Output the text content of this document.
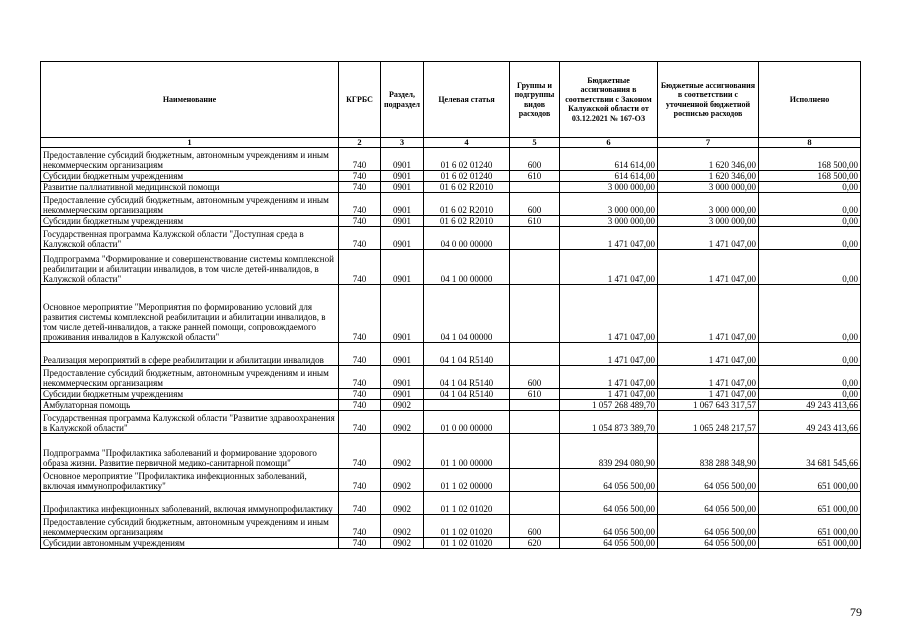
Наименование	КГРБС	Раздел, подраздел	Целевая статья	Группы и подгруппы видов расходов	Бюджетные ассигнования в соответствии с Законом Калужской области от 03.12.2021 № 167-ОЗ	Бюджетные ассигнования в соответствии с уточненной бюджетной росписью расходов	Исполнено
1	2	3	4	5	6	7	8
Предоставление субсидий бюджетным, автономным учреждениям и иным некоммерческим организациям	740	0901	01 6 02 01240	600	614 614,00	1 620 346,00	168 500,00
Субсидии бюджетным учреждениям	740	0901	01 6 02 01240	610	614 614,00	1 620 346,00	168 500,00
Развитие паллиативной медицинской помощи	740	0901	01 6 02 R2010		3 000 000,00	3 000 000,00	0,00
Предоставление субсидий бюджетным, автономным учреждениям и иным некоммерческим организациям	740	0901	01 6 02 R2010	600	3 000 000,00	3 000 000,00	0,00
Субсидии бюджетным учреждениям	740	0901	01 6 02 R2010	610	3 000 000,00	3 000 000,00	0,00
Государственная программа Калужской области "Доступная среда в Калужской области"	740	0901	04 0 00 00000		1 471 047,00	1 471 047,00	0,00
Подпрограмма "Формирование и совершенствование системы комплексной реабилитации и абилитации инвалидов, в том числе детей-инвалидов, в Калужской области"	740	0901	04 1 00 00000		1 471 047,00	1 471 047,00	0,00
Основное мероприятие "Мероприятия по формированию условий для развития системы комплексной реабилитации и абилитации инвалидов, в том числе детей-инвалидов, а также ранней помощи, сопровождаемого проживания инвалидов в Калужской области"	740	0901	04 1 04 00000		1 471 047,00	1 471 047,00	0,00
Реализация мероприятий в сфере реабилитации и абилитации инвалидов	740	0901	04 1 04 R5140		1 471 047,00	1 471 047,00	0,00
Предоставление субсидий бюджетным, автономным учреждениям и иным некоммерческим организациям	740	0901	04 1 04 R5140	600	1 471 047,00	1 471 047,00	0,00
Субсидии бюджетным учреждениям	740	0901	04 1 04 R5140	610	1 471 047,00	1 471 047,00	0,00
Амбулаторная помощь	740	0902			1 057 268 489,70	1 067 643 317,57	49 243 413,66
Государственная программа Калужской области "Развитие здравоохранения в Калужской области"	740	0902	01 0 00 00000		1 054 873 389,70	1 065 248 217,57	49 243 413,66
Подпрограмма "Профилактика заболеваний и формирование здорового образа жизни. Развитие первичной медико-санитарной помощи"	740	0902	01 1 00 00000		839 294 080,90	838 288 348,90	34 681 545,66
Основное мероприятие "Профилактика инфекционных заболеваний, включая иммунопрофилактику"	740	0902	01 1 02 00000		64 056 500,00	64 056 500,00	651 000,00
Профилактика инфекционных заболеваний, включая иммунопрофилактику	740	0902	01 1 02 01020		64 056 500,00	64 056 500,00	651 000,00
Предоставление субсидий бюджетным, автономным учреждениям и иным некоммерческим организациям	740	0902	01 1 02 01020	600	64 056 500,00	64 056 500,00	651 000,00
Субсидии автономным учреждениям	740	0902	01 1 02 01020	620	64 056 500,00	64 056 500,00	651 000,00
79
